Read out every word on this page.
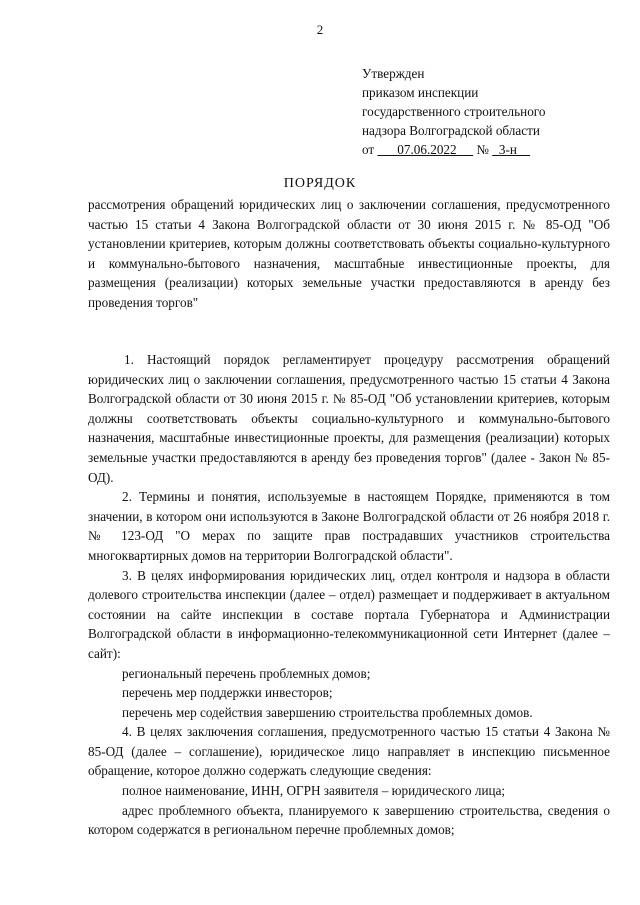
2
Утвержден
приказом инспекции
государственного строительного
надзора Волгоградской области
от 07.06.2022 № 3-н
ПОРЯДОК
рассмотрения обращений юридических лиц о заключении соглашения, предусмотренного частью 15 статьи 4 Закона Волгоградской области от 30 июня 2015 г. № 85-ОД "Об установлении критериев, которым должны соответствовать объекты социально-культурного и коммунально-бытового назначения, масштабные инвестиционные проекты, для размещения (реализации) которых земельные участки предоставляются в аренду без проведения торгов"

1. Настоящий порядок регламентирует процедуру рассмотрения обращений юридических лиц о заключении соглашения, предусмотренного частью 15 статьи 4 Закона Волгоградской области от 30 июня 2015 г. № 85-ОД "Об установлении критериев, которым должны соответствовать объекты социально-культурного и коммунально-бытового назначения, масштабные инвестиционные проекты, для размещения (реализации) которых земельные участки предоставляются в аренду без проведения торгов" (далее - Закон № 85-ОД).

2. Термины и понятия, используемые в настоящем Порядке, применяются в том значении, в котором они используются в Законе Волгоградской области от 26 ноября 2018 г. № 123-ОД "О мерах по защите прав пострадавших участников строительства многоквартирных домов на территории Волгоградской области".

3. В целях информирования юридических лиц, отдел контроля и надзора в области долевого строительства инспекции (далее – отдел) размещает и поддерживает в актуальном состоянии на сайте инспекции в составе портала Губернатора и Администрации Волгоградской области в информационно-телекоммуникационной сети Интернет (далее – сайт):

региональный перечень проблемных домов;

перечень мер поддержки инвесторов;

перечень мер содействия завершению строительства проблемных домов.

4. В целях заключения соглашения, предусмотренного частью 15 статьи 4 Закона № 85-ОД (далее – соглашение), юридическое лицо направляет в инспекцию письменное обращение, которое должно содержать следующие сведения:

полное наименование, ИНН, ОГРН заявителя – юридического лица;

адрес проблемного объекта, планируемого к завершению строительства, сведения о котором содержатся в региональном перечне проблемных домов;
